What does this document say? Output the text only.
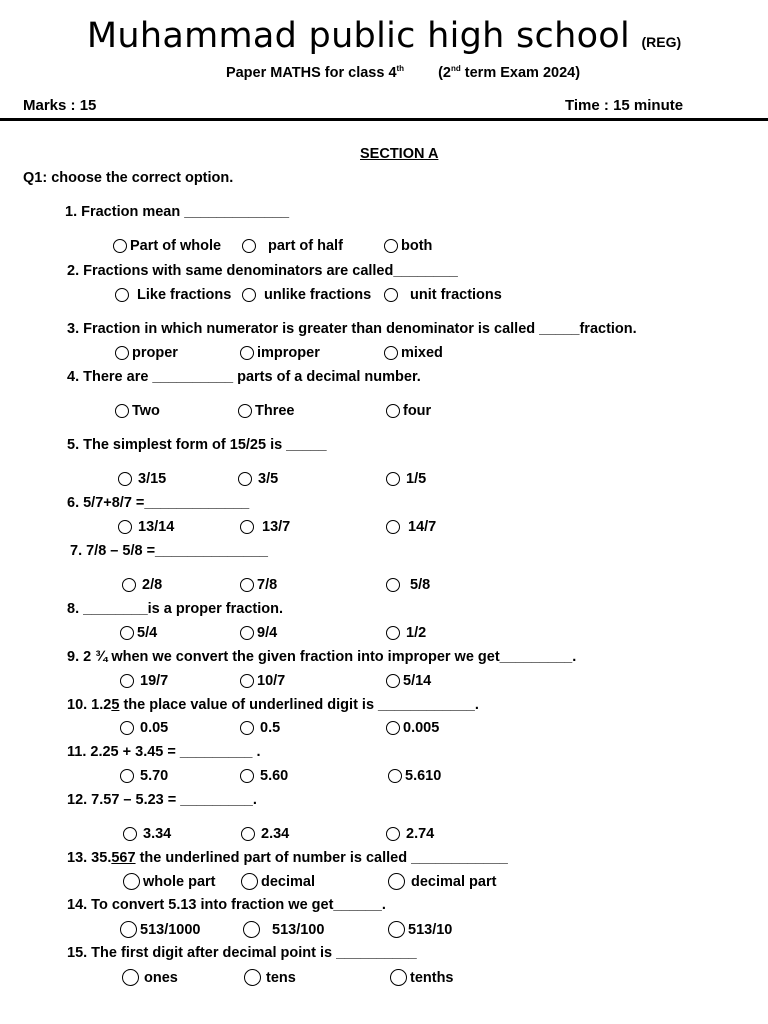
Muhammad public high school (REG)
Paper MATHS for class 4th (2nd term Exam 2024)
Marks : 15	Time : 15 minute
SECTION A
Q1: choose the correct option.
1. Fraction mean _____________
Part of whole	part of half	both
2. Fractions with same denominators are called________
Like fractions unlike fractions	unit fractions
3. Fraction in which numerator is greater than denominator is called _____fraction.
proper	improper	mixed
4. There are __________ parts of a decimal number.
Two	Three	four
5. The simplest form of 15/25 is _____
3/15	3/5	1/5
6. 5/7+8/7 =_____________
13/14	13/7	14/7
7. 7/8 – 5/8 =______________
2/8	7/8	5/8
8. ________is a proper fraction.
5/4	9/4	1/2
9. 2 ¾ when we convert the given fraction into improper we get_________.
19/7	10/7	5/14
10. 1.25 the place value of underlined digit is ____________.
0.05	0.5	0.005
11. 2.25 + 3.45 = _________ .
5.70	5.60	5.610
12. 7.57 – 5.23 = _________.
3.34	2.34	2.74
13. 35.567 the underlined part of number is called ____________
whole part	decimal	decimal part
14. To convert 5.13 into fraction we get______.
513/1000	513/100	513/10
15. The first digit after decimal point is __________
ones	tens	tenths
